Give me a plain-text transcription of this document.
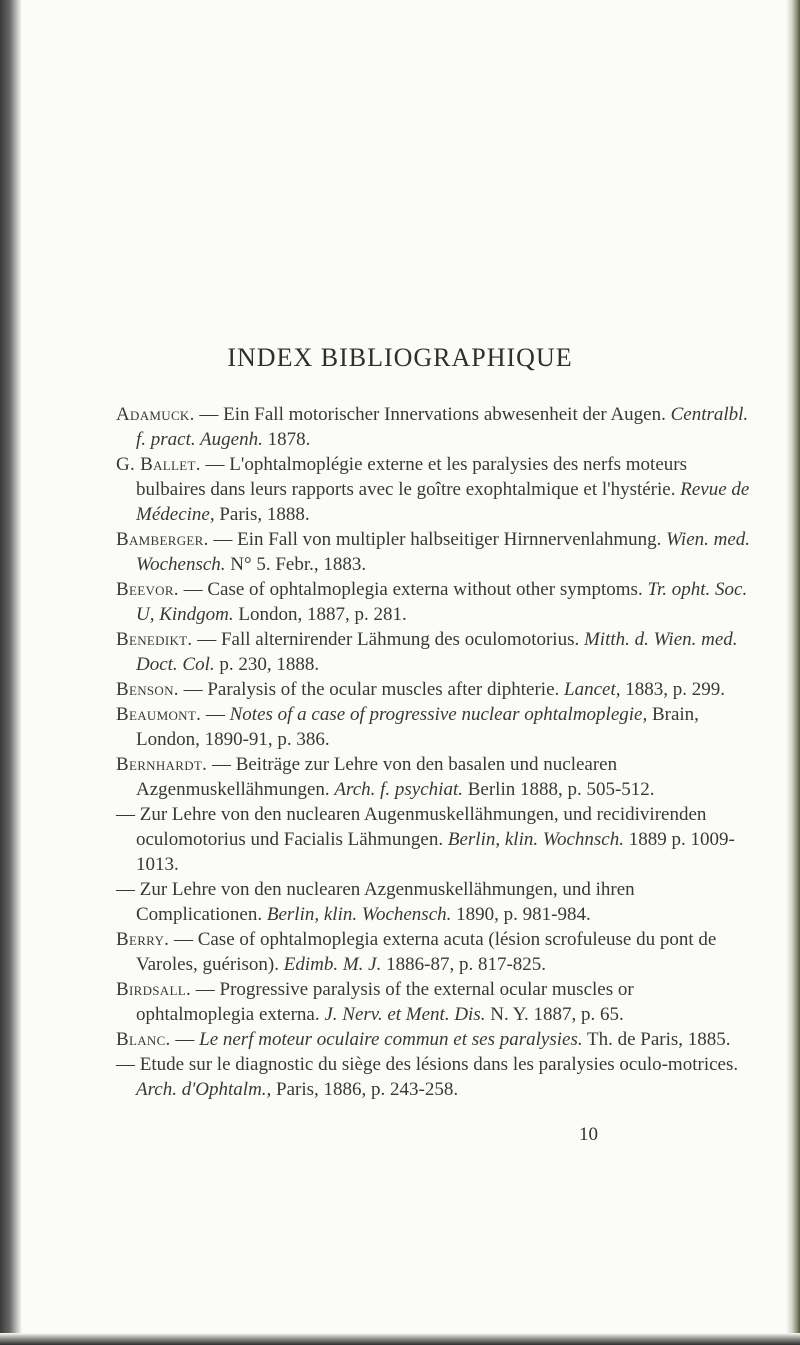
INDEX BIBLIOGRAPHIQUE

Adamuck. — Ein Fall motorischer Innervations abwesenheit der Augen. Centralbl. f. pract. Augenh. 1878.

G. Ballet. — L'ophtalmoplégie externe et les paralysies des nerfs moteurs bulbaires dans leurs rapports avec le goître exophtalmique et l'hystérie. Revue de Médecine, Paris, 1888.

Bamberger. — Ein Fall von multipler halbseitiger Hirnnervenlahmung. Wien. med. Wochensch. N° 5. Febr., 1883.

Beevor. — Case of ophtalmoplegia externa without other symptoms. Tr. opht. Soc. U, Kindgom. London, 1887, p. 281.

Benedikt. — Fall alternirender Lähmung des oculomotorius. Mitth. d. Wien. med. Doct. Col. p. 230, 1888.

Benson. — Paralysis of the ocular muscles after diphterie. Lancet, 1883, p. 299.

Beaumont. — Notes of a case of progressive nuclear ophtalmoplegie, Brain, London, 1890-91, p. 386.

Bernhardt. — Beiträge zur Lehre von den basalen und nuclearen Azgenmuskellähmungen. Arch. f. psychiat. Berlin 1888, p. 505-512.

— Zur Lehre von den nuclearen Augenmuskellähmungen, und recidivirenden oculomotorius und Facialis Lähmungen. Berlin, klin. Wochnsch. 1889 p. 1009-1013.

— Zur Lehre von den nuclearen Azgenmuskellähmungen, und ihren Complicationen. Berlin, klin. Wochensch. 1890, p. 981-984.

Berry. — Case of ophtalmoplegia externa acuta (lésion scrofuleuse du pont de Varoles, guérison). Edimb. M. J. 1886-87, p. 817-825.

Birdsall. — Progressive paralysis of the external ocular muscles or ophtalmoplegia externa. J. Nerv. et Ment. Dis. N. Y. 1887, p. 65.

Blanc. — Le nerf moteur oculaire commun et ses paralysies. Th. de Paris, 1885.

— Etude sur le diagnostic du siège des lésions dans les paralysies oculo-motrices. Arch. d'Ophtalm., Paris, 1886, p. 243-258.

10
